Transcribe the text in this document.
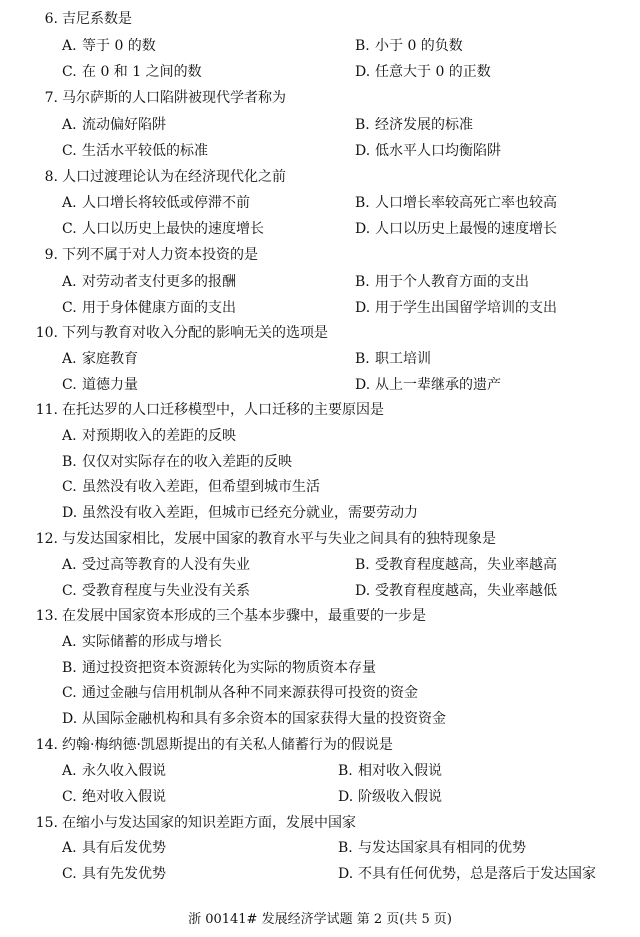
6. 吉尼系数是
A. 等于 0 的数	B. 小于 0 的负数
C. 在 0 和 1 之间的数	D. 任意大于 0 的正数
7. 马尔萨斯的人口陷阱被现代学者称为
A. 流动偏好陷阱	B. 经济发展的标准
C. 生活水平较低的标准	D. 低水平人口均衡陷阱
8. 人口过渡理论认为在经济现代化之前
A. 人口增长将较低或停滞不前	B. 人口增长率较高死亡率也较高
C. 人口以历史上最快的速度增长	D. 人口以历史上最慢的速度增长
9. 下列不属于对人力资本投资的是
A. 对劳动者支付更多的报酬	B. 用于个人教育方面的支出
C. 用于身体健康方面的支出	D. 用于学生出国留学培训的支出
10. 下列与教育对收入分配的影响无关的选项是
A. 家庭教育	B. 职工培训
C. 道德力量	D. 从上一辈继承的遗产
11. 在托达罗的人口迁移模型中，人口迁移的主要原因是
A. 对预期收入的差距的反映
B. 仅仅对实际存在的收入差距的反映
C. 虽然没有收入差距，但希望到城市生活
D. 虽然没有收入差距，但城市已经充分就业，需要劳动力
12. 与发达国家相比，发展中国家的教育水平与失业之间具有的独特现象是
A. 受过高等教育的人没有失业	B. 受教育程度越高，失业率越高
C. 受教育程度与失业没有关系	D. 受教育程度越高，失业率越低
13. 在发展中国家资本形成的三个基本步骤中，最重要的一步是
A. 实际储蓄的形成与增长
B. 通过投资把资本资源转化为实际的物质资本存量
C. 通过金融与信用机制从各种不同来源获得可投资的资金
D. 从国际金融机构和具有多余资本的国家获得大量的投资资金
14. 约翰·梅纳德·凯恩斯提出的有关私人储蓄行为的假说是
A. 永久收入假说	B. 相对收入假说
C. 绝对收入假说	D. 阶级收入假说
15. 在缩小与发达国家的知识差距方面，发展中国家
A. 具有后发优势	B. 与发达国家具有相同的优势
C. 具有先发优势	D. 不具有任何优势，总是落后于发达国家
浙 00141# 发展经济学试题 第 2 页(共 5 页)
